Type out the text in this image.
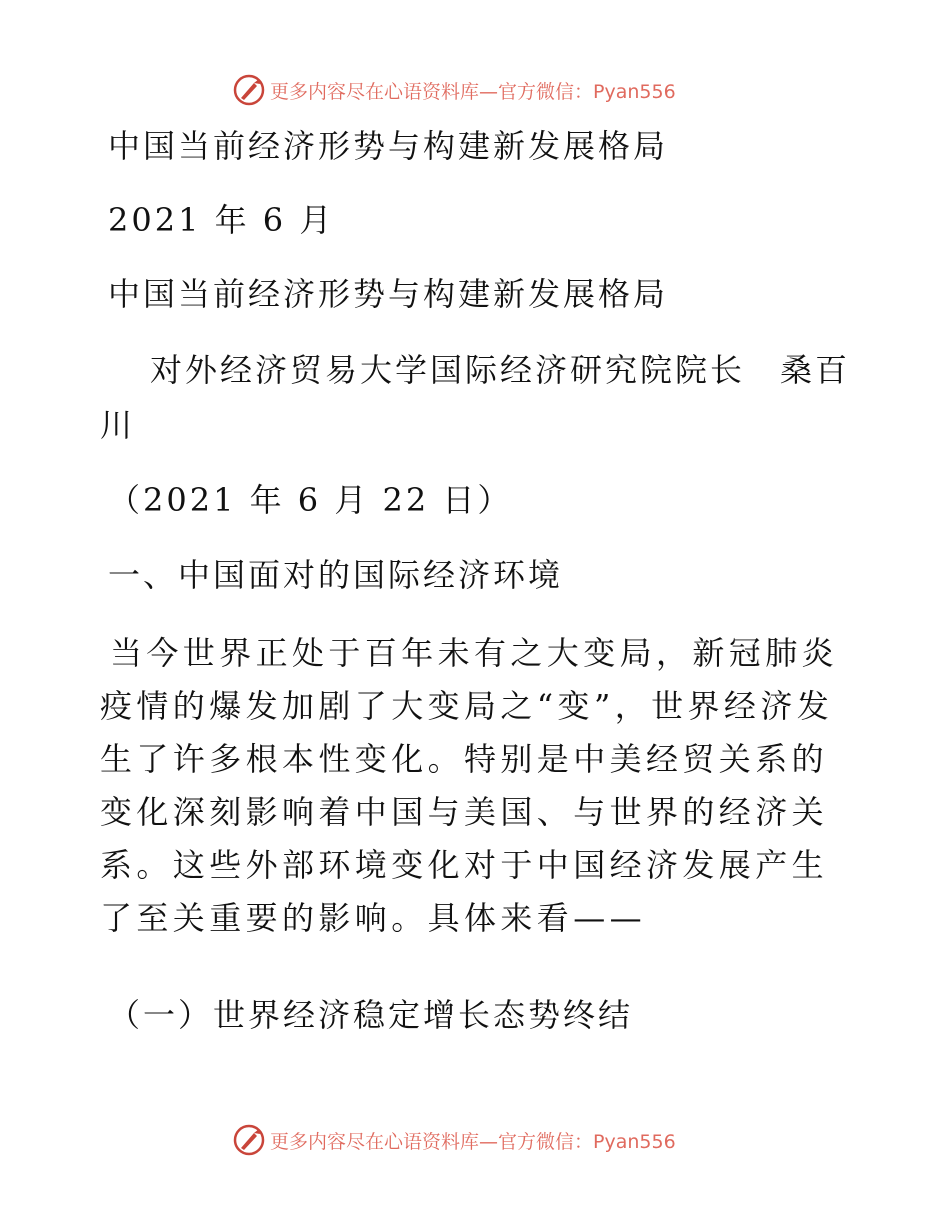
更多内容尽在心语资料库—官方微信：Pyan556
中国当前经济形势与构建新发展格局
2021 年 6 月
中国当前经济形势与构建新发展格局
对外经济贸易大学国际经济研究院院长　桑百
川
（2021 年 6 月 22 日）
一、中国面对的国际经济环境
当今世界正处于百年未有之大变局，新冠肺炎疫情的爆发加剧了大变局之“变”，世界经济发生了许多根本性变化。特别是中美经贸关系的变化深刻影响着中国与美国、与世界的经济关系。这些外部环境变化对于中国经济发展产生了至关重要的影响。具体来看——
（一）世界经济稳定增长态势终结
更多内容尽在心语资料库—官方微信：Pyan556
